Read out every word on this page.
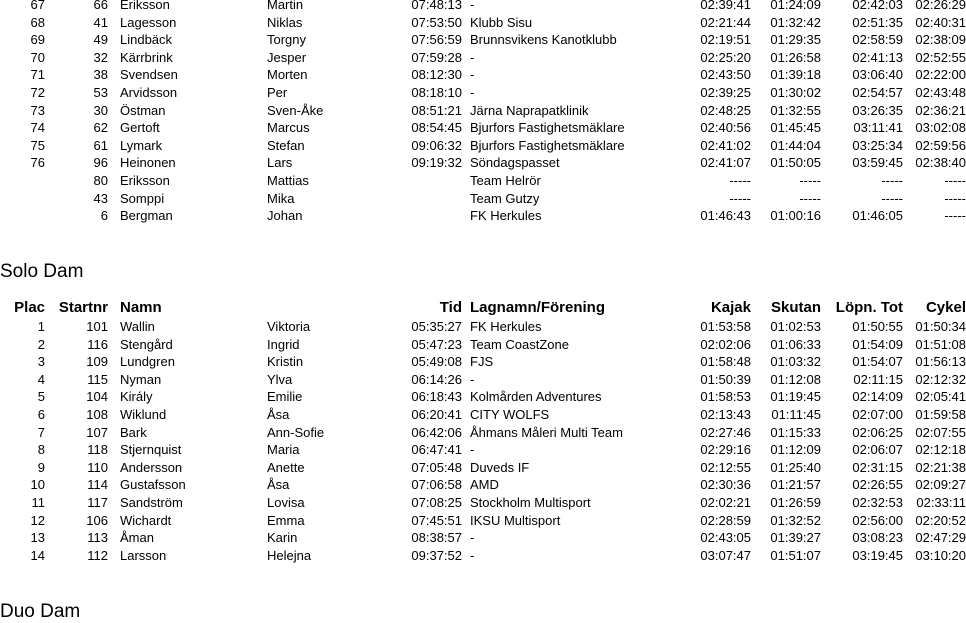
67	66	Eriksson	Martin	07:48:13	-	02:39:41	01:24:09	02:42:03	02:26:29
68	41	Lagesson	Niklas	07:53:50	Klubb Sisu	02:21:44	01:32:42	02:51:35	02:40:31
69	49	Lindbäck	Torgny	07:56:59	Brunnsvikens Kanotklubb	02:19:51	01:29:35	02:58:59	02:38:09
70	32	Kärrbrink	Jesper	07:59:28	-	02:25:20	01:26:58	02:41:13	02:52:55
71	38	Svendsen	Morten	08:12:30	-	02:43:50	01:39:18	03:06:40	02:22:00
72	53	Arvidsson	Per	08:18:10	-	02:39:25	01:30:02	02:54:57	02:43:48
73	30	Östman	Sven-Åke	08:51:21	Järna Naprapatklinik	02:48:25	01:32:55	03:26:35	02:36:21
74	62	Gertoft	Marcus	08:54:45	Bjurfors Fastighetsmäklare	02:40:56	01:45:45	03:11:41	03:02:08
75	61	Lymark	Stefan	09:06:32	Bjurfors Fastighetsmäklare	02:41:02	01:44:04	03:25:34	02:59:56
76	96	Heinonen	Lars	09:19:32	Söndagspasset	02:41:07	01:50:05	03:59:45	02:38:40
	80	Eriksson	Mattias		Team Helrör	-----	-----	-----	-----
	43	Somppi	Mika		Team Gutzy	-----	-----	-----	-----
	6	Bergman	Johan		FK Herkules	01:46:43	01:00:16	01:46:05	-----
Solo Dam
Plac	Startnr	Namn		Tid	Lagnamn/Förening	Kajak	Skutan	Löpn. Tot	Cykel
1	101	Wallin	Viktoria	05:35:27	FK Herkules	01:53:58	01:02:53	01:50:55	01:50:34
2	116	Stengård	Ingrid	05:47:23	Team CoastZone	02:02:06	01:06:33	01:54:09	01:51:08
3	109	Lundgren	Kristin	05:49:08	FJS	01:58:48	01:03:32	01:54:07	01:56:13
4	115	Nyman	Ylva	06:14:26	-	01:50:39	01:12:08	02:11:15	02:12:32
5	104	Király	Emilie	06:18:43	Kolmården Adventures	01:58:53	01:19:45	02:14:09	02:05:41
6	108	Wiklund	Åsa	06:20:41	CITY WOLFS	02:13:43	01:11:45	02:07:00	01:59:58
7	107	Bark	Ann-Sofie	06:42:06	Åhmans Måleri Multi Team	02:27:46	01:15:33	02:06:25	02:07:55
8	118	Stjernquist	Maria	06:47:41	-	02:29:16	01:12:09	02:06:07	02:12:18
9	110	Andersson	Anette	07:05:48	Duveds IF	02:12:55	01:25:40	02:31:15	02:21:38
10	114	Gustafsson	Åsa	07:06:58	AMD	02:30:36	01:21:57	02:26:55	02:09:27
11	117	Sandström	Lovisa	07:08:25	Stockholm Multisport	02:02:21	01:26:59	02:32:53	02:33:11
12	106	Wichardt	Emma	07:45:51	IKSU Multisport	02:28:59	01:32:52	02:56:00	02:20:52
13	113	Åman	Karin	08:38:57	-	02:43:05	01:39:27	03:08:23	02:47:29
14	112	Larsson	Helejna	09:37:52	-	03:07:47	01:51:07	03:19:45	03:10:20
Duo Dam
